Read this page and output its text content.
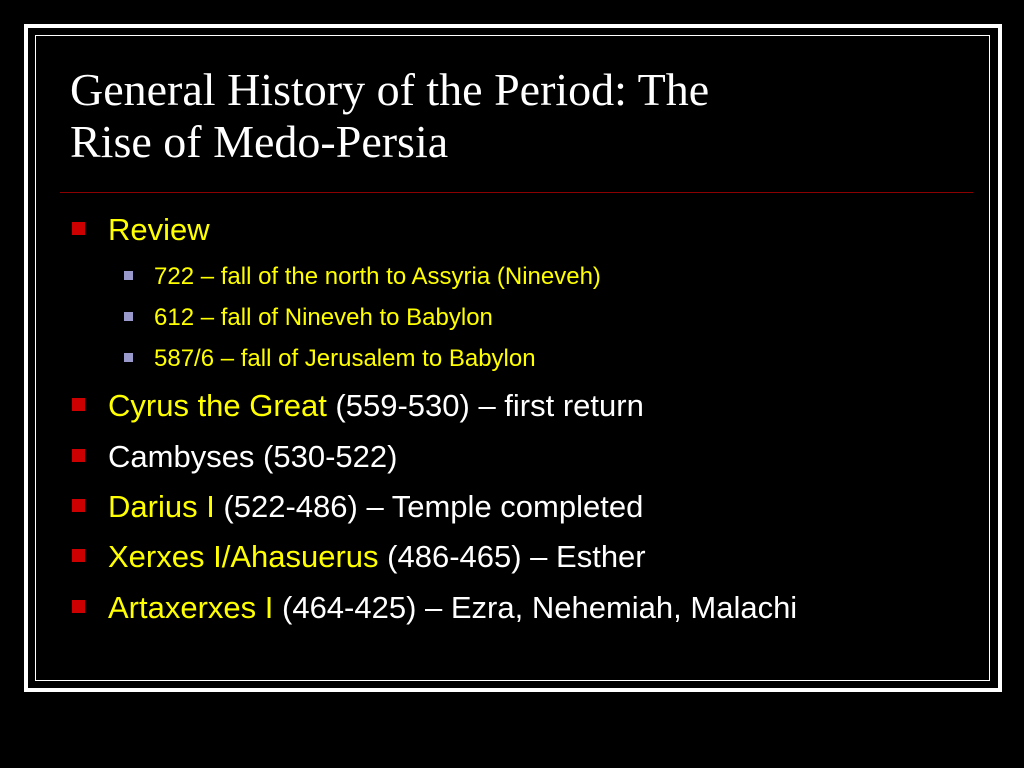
General History of the Period: The
Rise of Medo-Persia
Review
722 – fall of the north to Assyria (Nineveh)
612 – fall of Nineveh to Babylon
587/6 – fall of Jerusalem to Babylon
Cyrus the Great (559-530) – first return
Cambyses (530-522)
Darius I (522-486) – Temple completed
Xerxes I/Ahasuerus (486-465) – Esther
Artaxerxes I (464-425) – Ezra, Nehemiah, Malachi
